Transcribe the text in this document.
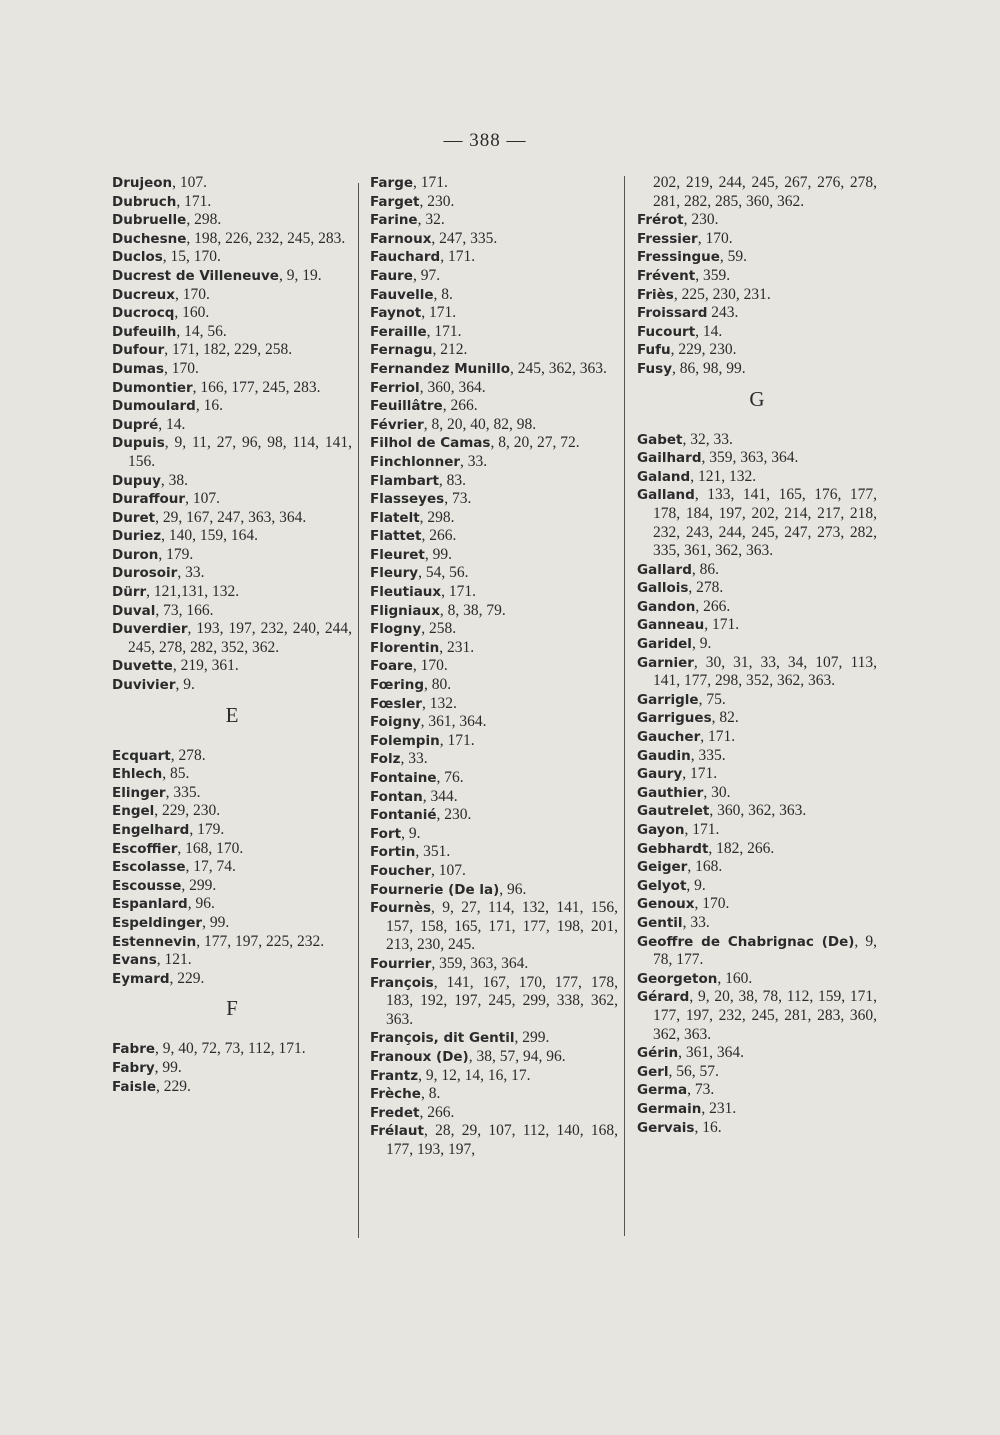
— 388 —
Drujeon, 107.
Dubruch, 171.
Dubruelle, 298.
Duchesne, 198, 226, 232, 245, 283.
Duclos, 15, 170.
Ducrest de Villeneuve, 9, 19.
Ducreux, 170.
Ducrocq, 160.
Dufeuilh, 14, 56.
Dufour, 171, 182, 229, 258.
Dumas, 170.
Dumontier, 166, 177, 245, 283.
Dumoulard, 16.
Dupré, 14.
Dupuis, 9, 11, 27, 96, 98, 114, 141, 156.
Dupuy, 38.
Duraffour, 107.
Duret, 29, 167, 247, 363, 364.
Duriez, 140, 159, 164.
Duron, 179.
Durosoir, 33.
Dürr, 121,131, 132.
Duval, 73, 166.
Duverdier, 193, 197, 232, 240, 244, 245, 278, 282, 352, 362.
Duvette, 219, 361.
Duvivier, 9.
E
Ecquart, 278.
Ehlech, 85.
Elinger, 335.
Engel, 229, 230.
Engelhard, 179.
Escoffier, 168, 170.
Escolasse, 17, 74.
Escousse, 299.
Espanlard, 96.
Espeldinger, 99.
Estennevin, 177, 197, 225, 232.
Evans, 121.
Eymard, 229.
F
Fabre, 9, 40, 72, 73, 112, 171.
Fabry, 99.
Faisle, 229.
Farge, 171.
Farget, 230.
Farine, 32.
Farnoux, 247, 335.
Fauchard, 171.
Faure, 97.
Fauvelle, 8.
Faynot, 171.
Feraille, 171.
Fernagu, 212.
Fernandez Munillo, 245, 362, 363.
Ferriol, 360, 364.
Feuillâtre, 266.
Février, 8, 20, 40, 82, 98.
Filhol de Camas, 8, 20, 27, 72.
Finchlonner, 33.
Flambart, 83.
Flasseyes, 73.
Flatelt, 298.
Flattet, 266.
Fleuret, 99.
Fleury, 54, 56.
Fleutiaux, 171.
Fligniaux, 8, 38, 79.
Flogny, 258.
Florentin, 231.
Foare, 170.
Fœring, 80.
Fœsler, 132.
Foigny, 361, 364.
Folempin, 171.
Folz, 33.
Fontaine, 76.
Fontan, 344.
Fontanié, 230.
Fort, 9.
Fortin, 351.
Foucher, 107.
Fournerie (De la), 96.
Fournès, 9, 27, 114, 132, 141, 156, 157, 158, 165, 171, 177, 198, 201, 213, 230, 245.
Fourrier, 359, 363, 364.
François, 141, 167, 170, 177, 178, 183, 192, 197, 245, 299, 338, 362, 363.
François, dit Gentil, 299.
Franoux (De), 38, 57, 94, 96.
Frantz, 9, 12, 14, 16, 17.
Frèche, 8.
Fredet, 266.
Frélaut, 28, 29, 107, 112, 140, 168, 177, 193, 197,
202, 219, 244, 245, 267, 276, 278, 281, 282, 285, 360, 362.
Frérot, 230.
Fressier, 170.
Fressingue, 59.
Frévent, 359.
Friès, 225, 230, 231.
Froissard 243.
Fucourt, 14.
Fufu, 229, 230.
Fusy, 86, 98, 99.
G
Gabet, 32, 33.
Gailhard, 359, 363, 364.
Galand, 121, 132.
Galland, 133, 141, 165, 176, 177, 178, 184, 197, 202, 214, 217, 218, 232, 243, 244, 245, 247, 273, 282, 335, 361, 362, 363.
Gallard, 86.
Gallois, 278.
Gandon, 266.
Ganneau, 171.
Garidel, 9.
Garnier, 30, 31, 33, 34, 107, 113, 141, 177, 298, 352, 362, 363.
Garrigle, 75.
Garrigues, 82.
Gaucher, 171.
Gaudin, 335.
Gaury, 171.
Gauthier, 30.
Gautrelet, 360, 362, 363.
Gayon, 171.
Gebhardt, 182, 266.
Geiger, 168.
Gelyot, 9.
Genoux, 170.
Gentil, 33.
Geoffre de Chabrignac (De), 9, 78, 177.
Georgeton, 160.
Gérard, 9, 20, 38, 78, 112, 159, 171, 177, 197, 232, 245, 281, 283, 360, 362, 363.
Gérin, 361, 364.
Gerl, 56, 57.
Germa, 73.
Germain, 231.
Gervais, 16.
